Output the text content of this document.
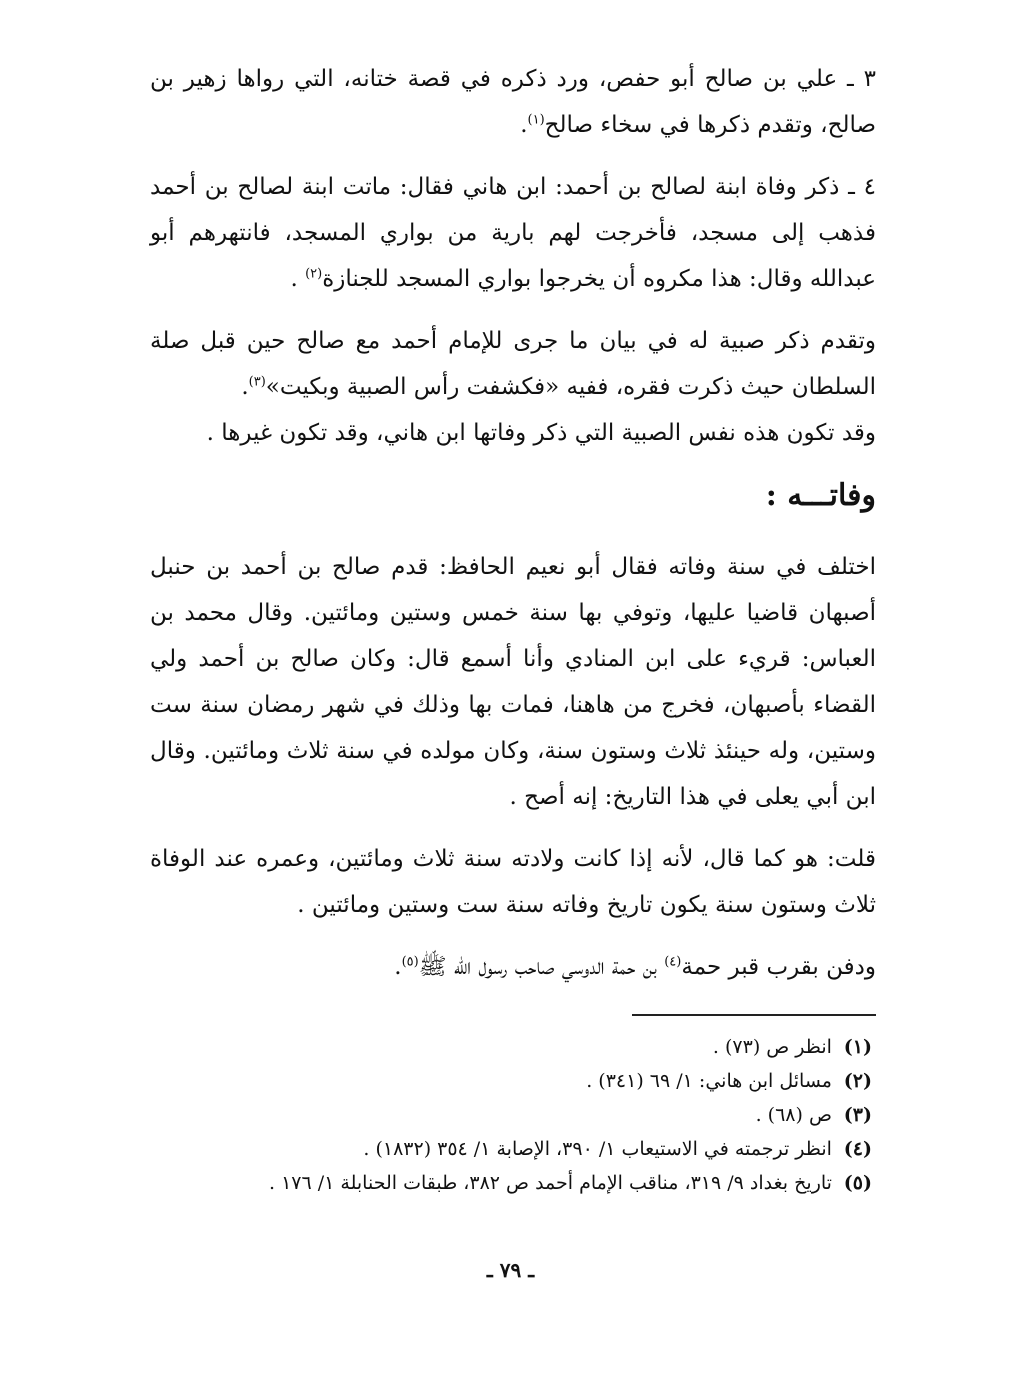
٣ ـ علي بن صالح أبو حفص، ورد ذكره في قصة ختانه، التي رواها زهير بن صالح، وتقدم ذكرها في سخاء صالح$^{(١)}$.

٤ ـ ذكر وفاة ابنة لصالح بن أحمد: ابن هاني فقال: ماتت ابنة لصالح بن أحمد فذهب إلى مسجد، فأخرجت لهم بارية من بواري المسجد، فانتهرهم أبو عبدالله وقال: هذا مكروه أن يخرجوا بواري المسجد للجنازة$^{(٢)}$ .

وتقدم ذكر صبية له في بيان ما جرى للإمام أحمد مع صالح حين قبل صلة السلطان حيث ذكرت فقره، ففيه «فكشفت رأس الصبية وبكيت»$^{(٣)}$.

وقد تكون هذه نفس الصبية التي ذكر وفاتها ابن هاني، وقد تكون غيرها .

وفاتـــه :

اختلف في سنة وفاته فقال أبو نعيم الحافظ: قدم صالح بن أحمد بن حنبل أصبهان قاضيا عليها، وتوفي بها سنة خمس وستين ومائتين. وقال محمد بن العباس: قريء على ابن المنادي وأنا أسمع قال: وكان صالح بن أحمد ولي القضاء بأصبهان، فخرج من هاهنا، فمات بها وذلك في شهر رمضان سنة ست وستين، وله حينئذ ثلاث وستون سنة، وكان مولده في سنة ثلاث ومائتين. وقال ابن أبي يعلى في هذا التاريخ: إنه أصح .

قلت: هو كما قال، لأنه إذا كانت ولادته سنة ثلاث ومائتين، وعمره عند الوفاة ثلاث وستون سنة يكون تاريخ وفاته سنة ست وستين ومائتين .

ودفن بقرب قبر حمة$^{(٤)}$ بن حمة الدوسي صاحب رسول الله ﷺ$^{(٥)}$.

(١) انظر ص (٧٣) .
(٢) مسائل ابن هاني: ١/ ٦٩ (٣٤١) .
(٣) ص (٦٨) .
(٤) انظر ترجمته في الاستيعاب ١/ ٣٩٠، الإصابة ١/ ٣٥٤ (١٨٣٢) .
(٥) تاريخ بغداد ٩/ ٣١٩، مناقب الإمام أحمد ص ٣٨٢، طبقات الحنابلة ١/ ١٧٦ .
ـ ٧٩ ـ
